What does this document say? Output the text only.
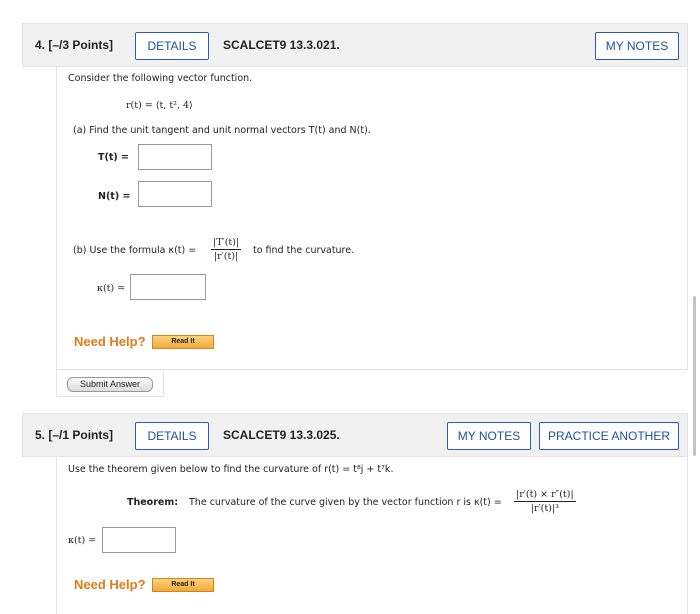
4. [–/3 Points]	DETAILS	SCALCET9 13.3.021.	MY NOTES
Consider the following vector function.
r(t) = ⟨t, t², 4⟩
(a) Find the unit tangent and unit normal vectors T(t) and N(t).
T(t) =
N(t) =
(b) Use the formula $\kappa(t) = \frac{|T'(t)|}{|r'(t)|}$ to find the curvature.
κ(t) =
Need Help?	Read It
Submit Answer
5. [–/1 Points]	DETAILS	SCALCET9 13.3.025.	MY NOTES	PRACTICE ANOTHER
Use the theorem given below to find the curvature of r(t) = t⁸j + t⁷k.
Theorem: The curvature of the curve given by the vector function r is $\kappa(t) = \frac{|r'(t) \times r''(t)|}{\text{|r′(t)|³}}$
κ(t) =
Need Help?	Read It
